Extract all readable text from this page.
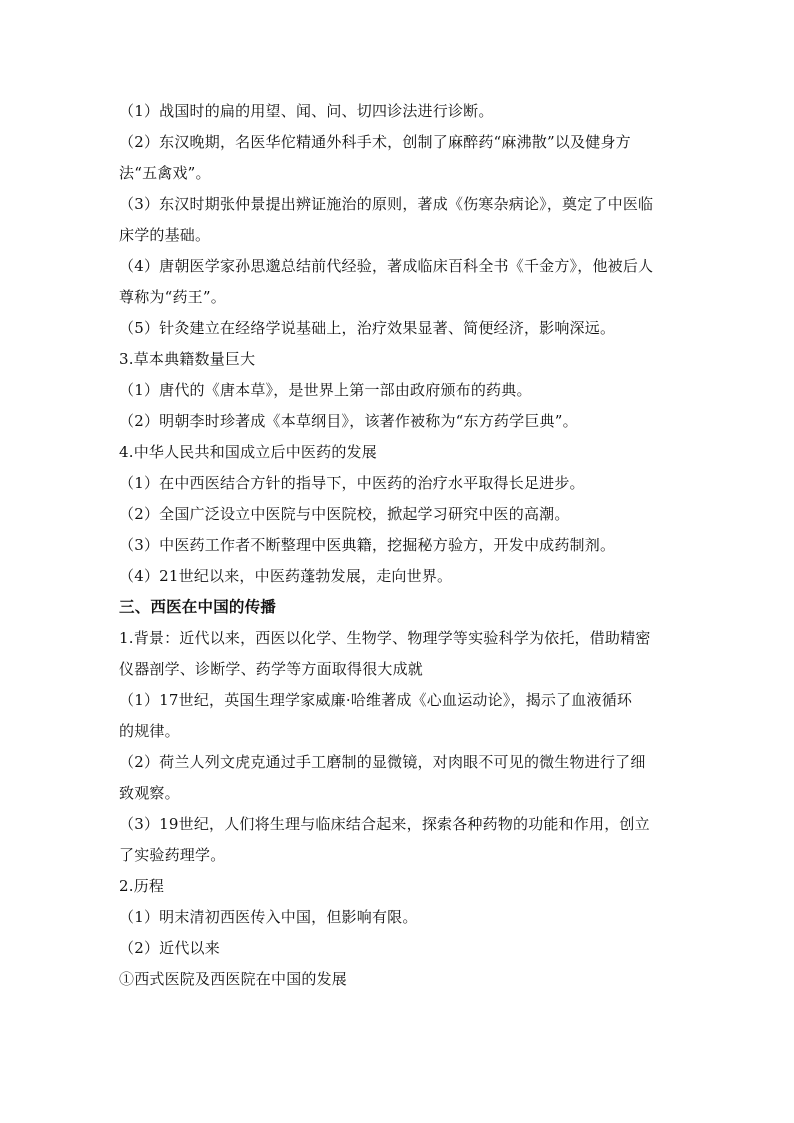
（1）战国时的扁的用望、闻、问、切四诊法进行诊断。
（2）东汉晚期，名医华佗精通外科手术，创制了麻醉药“麻沸散”以及健身方
法“五禽戏”。
（3）东汉时期张仲景提出辨证施治的原则，著成《伤寒杂病论》，奠定了中医临
床学的基础。
（4）唐朝医学家孙思邈总结前代经验，著成临床百科全书《千金方》，他被后人
尊称为“药王”。
（5）针灸建立在经络学说基础上，治疗效果显著、简便经济，影响深远。
3.草本典籍数量巨大
（1）唐代的《唐本草》，是世界上第一部由政府颁布的药典。
（2）明朝李时珍著成《本草纲目》，该著作被称为“东方药学巨典”。
4.中华人民共和国成立后中医药的发展
（1）在中西医结合方针的指导下，中医药的治疗水平取得长足进步。
（2）全国广泛设立中医院与中医院校，掀起学习研究中医的高潮。
（3）中医药工作者不断整理中医典籍，挖掘秘方验方，开发中成药制剂。
（4）21世纪以来，中医药蓬勃发展，走向世界。
三、西医在中国的传播
1.背景：近代以来，西医以化学、生物学、物理学等实验科学为依托，借助精密
仪器剖学、诊断学、药学等方面取得很大成就
（1）17世纪，英国生理学家威廉·哈维著成《心血运动论》，揭示了血液循环
的规律。
（2）荷兰人列文虎克通过手工磨制的显微镜，对肉眼不可见的微生物进行了细
致观察。
（3）19世纪，人们将生理与临床结合起来，探索各种药物的功能和作用，创立
了实验药理学。
2.历程
（1）明末清初西医传入中国，但影响有限。
（2）近代以来
①西式医院及西医院在中国的发展
